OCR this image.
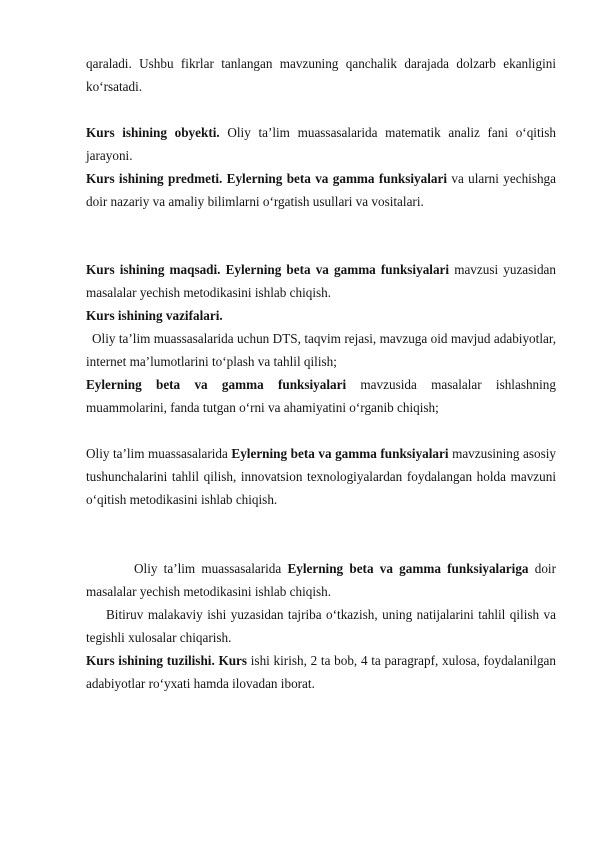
qaraladi. Ushbu fikrlar tanlangan mavzuning qanchalik darajada dolzarb ekanligini ko‘rsatadi.

Kurs ishining obyekti. Oliy ta’lim muassasalarida matematik analiz fani o‘qitish jarayoni.

Kurs ishining predmeti. Eylerning beta va gamma funksiyalari va ularni yechishga doir nazariy va amaliy bilimlarni o‘rgatish usullari va vositalari.

Kurs ishining maqsadi. Eylerning beta va gamma funksiyalari mavzusi yuzasidan masalalar yechish metodikasini ishlab chiqish.

Kurs ishining vazifalari.

Oliy ta’lim muassasalarida uchun DTS, taqvim rejasi, mavzuga oid mavjud adabiyotlar, internet ma’lumotlarini to‘plash va tahlil qilish;

Eylerning beta va gamma funksiyalari mavzusida masalalar ishlashning muammolarini, fanda tutgan o‘rni va ahamiyatini o‘rganib chiqish;

Oliy ta’lim muassasalarida Eylerning beta va gamma funksiyalari mavzusining asosiy tushunchalarini tahlil qilish, innovatsion texnologiyalardan foydalangan holda mavzuni o‘qitish metodikasini ishlab chiqish.

Oliy ta’lim muassasalarida Eylerning beta va gamma funksiyalariga doir masalalar yechish metodikasini ishlab chiqish.

Bitiruv malakaviy ishi yuzasidan tajriba o‘tkazish, uning natijalarini tahlil qilish va tegishli xulosalar chiqarish.

Kurs ishining tuzilishi. Kurs ishi kirish, 2 ta bob, 4 ta paragrapf, xulosa, foydalanilgan adabiyotlar ro‘yxati hamda ilovadan iborat.
